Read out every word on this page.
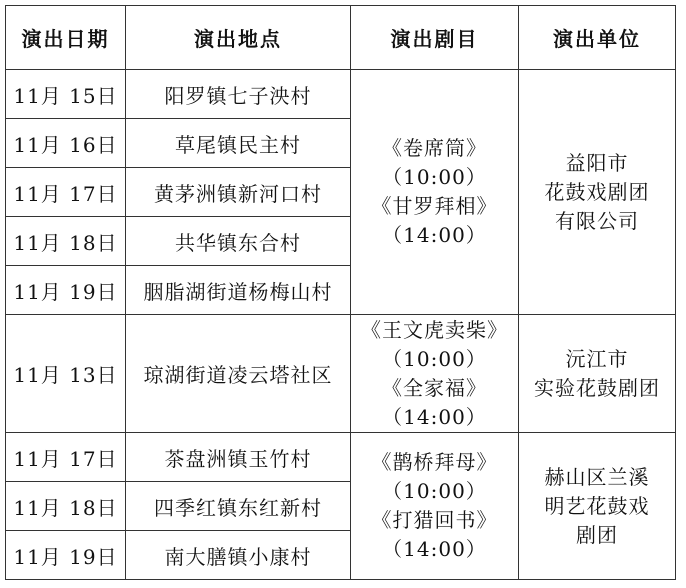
演出日期	演出地点	演出剧目	演出单位
11月 15日	阳罗镇七子泱村	《卷席筒》
（10:00）
《甘罗拜相》
（14:00）	益阳市
花鼓戏剧团
有限公司

11月 16日	草尾镇民主村		
11月 17日	黄茅洲镇新河口村		
11月 18日	共华镇东合村		
11月 19日	胭脂湖街道杨梅山村		
11月 13日	琼湖街道凌云塔社区	《王文虎卖柴》
（10:00）
《全家福》
（14:00）	沅江市
实验花鼓剧团

11月 17日	茶盘洲镇玉竹村	《鹊桥拜母》
（10:00）
《打猎回书》
（14:00）	赫山区兰溪
明艺花鼓戏
剧团

11月 18日	四季红镇东红新村		
11月 19日	南大膳镇小康村		
